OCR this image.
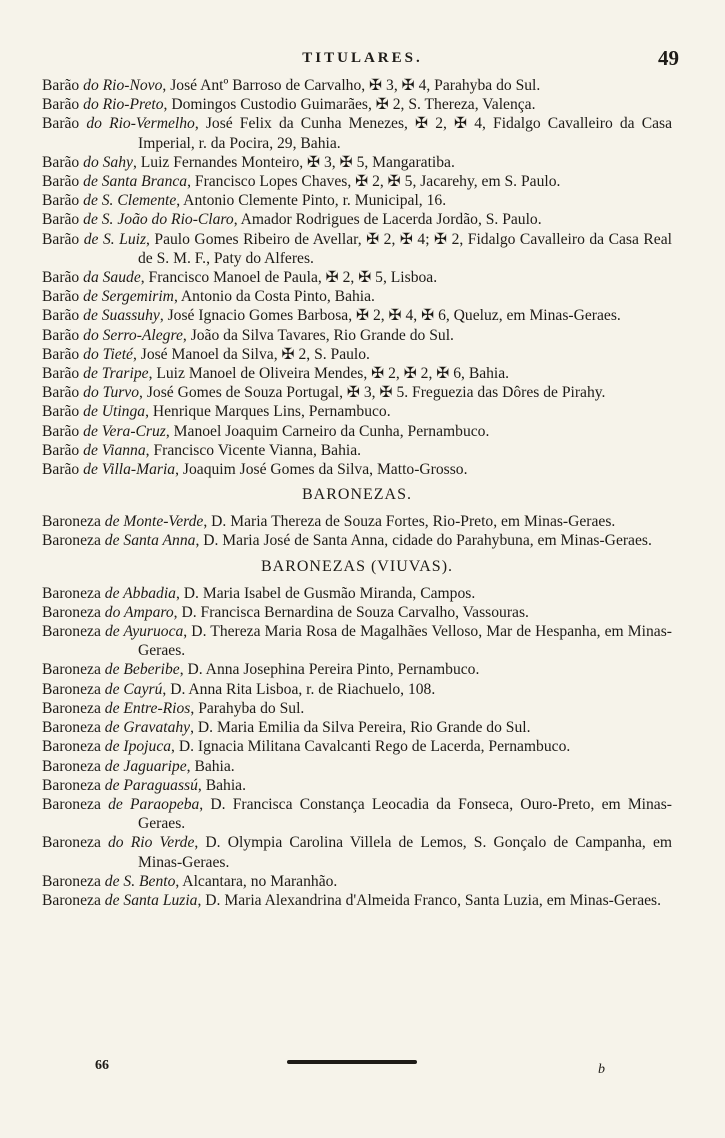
TITULARES.	49

Barão do Rio-Novo, José Antº Barroso de Carvalho, ✠ 3, ✠ 4, Parahyba do Sul.

Barão do Rio-Preto, Domingos Custodio Guimarães, ✠ 2, S. Thereza, Valença.

Barão do Rio-Vermelho, José Felix da Cunha Menezes, ✠ 2, ✠ 4, Fidalgo Cavalleiro da Casa Imperial, r. da Pocira, 29, Bahia.

Barão do Sahy, Luiz Fernandes Monteiro, ✠ 3, ✠ 5, Mangaratiba.

Barão de Santa Branca, Francisco Lopes Chaves, ✠ 2, ✠ 5, Jacarehy, em S. Paulo.

Barão de S. Clemente, Antonio Clemente Pinto, r. Municipal, 16.

Barão de S. João do Rio-Claro, Amador Rodrigues de Lacerda Jordão, S. Paulo.

Barão de S. Luiz, Paulo Gomes Ribeiro de Avellar, ✠ 2, ✠ 4; ✠ 2, Fidalgo Cavalleiro da Casa Real de S. M. F., Paty do Alferes.

Barão da Saude, Francisco Manoel de Paula, ✠ 2, ✠ 5, Lisboa.

Barão de Sergemirim, Antonio da Costa Pinto, Bahia.

Barão de Suassuhy, José Ignacio Gomes Barbosa, ✠ 2, ✠ 4, ✠ 6, Queluz, em Minas-Geraes.

Barão do Serro-Alegre, João da Silva Tavares, Rio Grande do Sul.

Barão do Tieté, José Manoel da Silva, ✠ 2, S. Paulo.

Barão de Traripe, Luiz Manoel de Oliveira Mendes, ✠ 2, ✠ 2, ✠ 6, Bahia.

Barão do Turvo, José Gomes de Souza Portugal, ✠ 3, ✠ 5. Freguezia das Dôres de Pirahy.

Barão de Utinga, Henrique Marques Lins, Pernambuco.

Barão de Vera-Cruz, Manoel Joaquim Carneiro da Cunha, Pernambuco.

Barão de Vianna, Francisco Vicente Vianna, Bahia.

Barão de Villa-Maria, Joaquim José Gomes da Silva, Matto-Grosso.

BARONEZAS.

Baroneza de Monte-Verde, D. Maria Thereza de Souza Fortes, Rio-Preto, em Minas-Geraes.

Baroneza de Santa Anna, D. Maria José de Santa Anna, cidade do Parahybuna, em Minas-Geraes.

BARONEZAS (VIUVAS).

Baroneza de Abbadia, D. Maria Isabel de Gusmão Miranda, Campos.

Baroneza do Amparo, D. Francisca Bernardina de Souza Carvalho, Vassouras.

Baroneza de Ayuruoca, D. Thereza Maria Rosa de Magalhães Velloso, Mar de Hespanha, em Minas-Geraes.

Baroneza de Beberibe, D. Anna Josephina Pereira Pinto, Pernambuco.

Baroneza de Cayrú, D. Anna Rita Lisboa, r. de Riachuelo, 108.

Baroneza de Entre-Rios, Parahyba do Sul.

Baroneza de Gravatahy, D. Maria Emilia da Silva Pereira, Rio Grande do Sul.

Baroneza de Ipojuca, D. Ignacia Militana Cavalcanti Rego de Lacerda, Pernambuco.

Baroneza de Jaguaripe, Bahia.

Baroneza de Paraguassú, Bahia.

Baroneza de Paraopeba, D. Francisca Constança Leocadia da Fonseca, Ouro-Preto, em Minas-Geraes.

Baroneza do Rio Verde, D. Olympia Carolina Villela de Lemos, S. Gonçalo de Campanha, em Minas-Geraes.

Baroneza de S. Bento, Alcantara, no Maranhão.

Baroneza de Santa Luzia, D. Maria Alexandrina d'Almeida Franco, Santa Luzia, em Minas-Geraes.

66	b
